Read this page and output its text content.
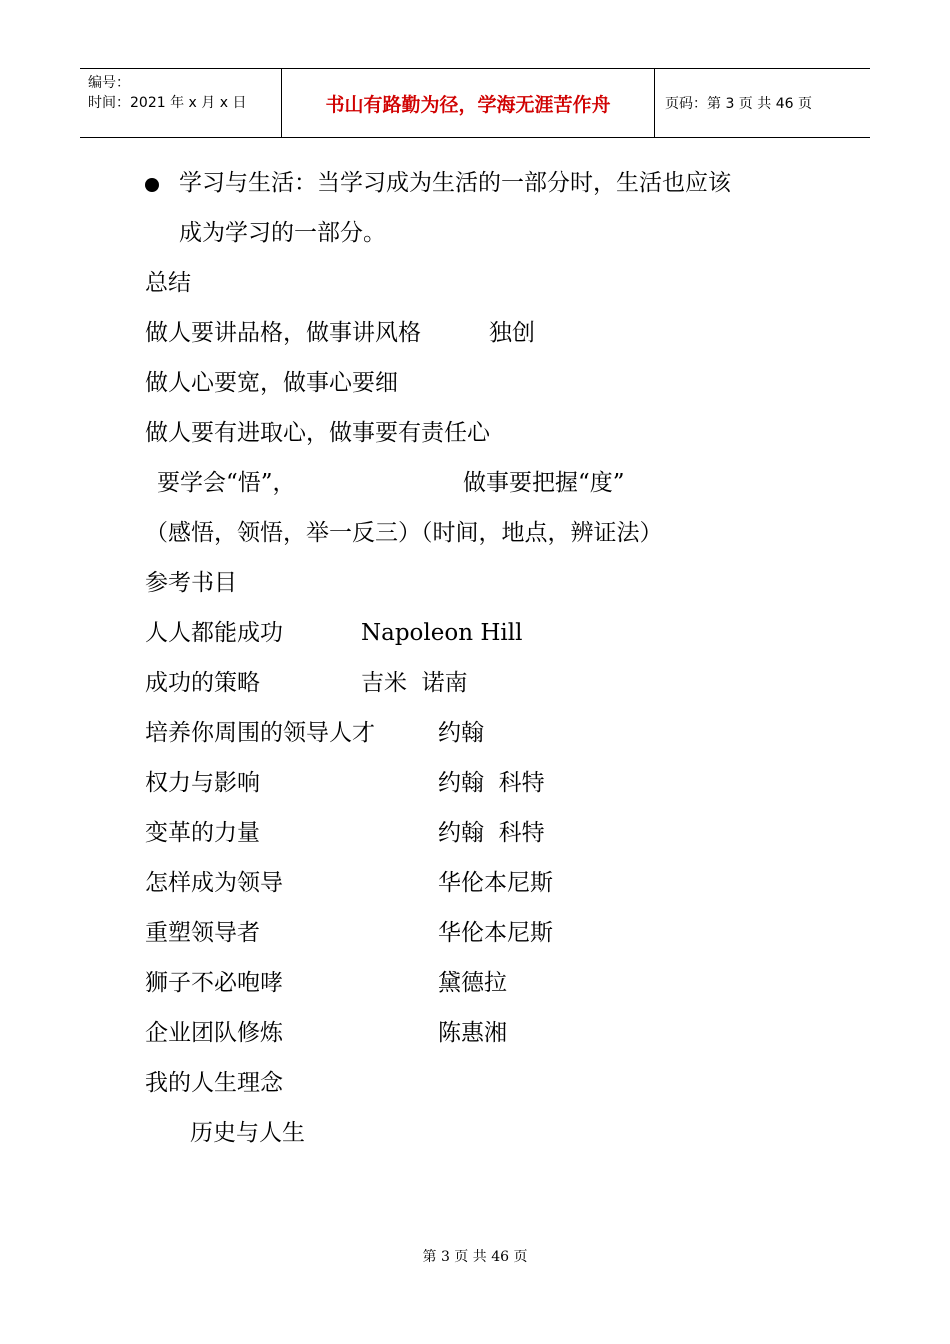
编号：
时间：2021 年 x 月 x 日	书山有路勤为径，学海无涯苦作舟	页码：第 3 页 共 46 页
学习与生活：当学习成为生活的一部分时，生活也应该
成为学习的一部分。
总结
做人要讲品格，做事讲风格	独创
做人心要宽，做事心要细
做人要有进取心，做事要有责任心
要学会“悟”，	做事要把握“度”
（感悟，领悟，举一反三）（时间，地点，辨证法）
参考书目
人人都能成功	Napoleon Hill
成功的策略	吉米  诺南
培养你周围的领导人才	约翰
权力与影响	约翰  科特
变革的力量	约翰  科特
怎样成为领导	华伦本尼斯
重塑领导者	华伦本尼斯
狮子不必咆哮	黛德拉
企业团队修炼	陈惠湘
我的人生理念
历史与人生
第 3 页 共 46 页
